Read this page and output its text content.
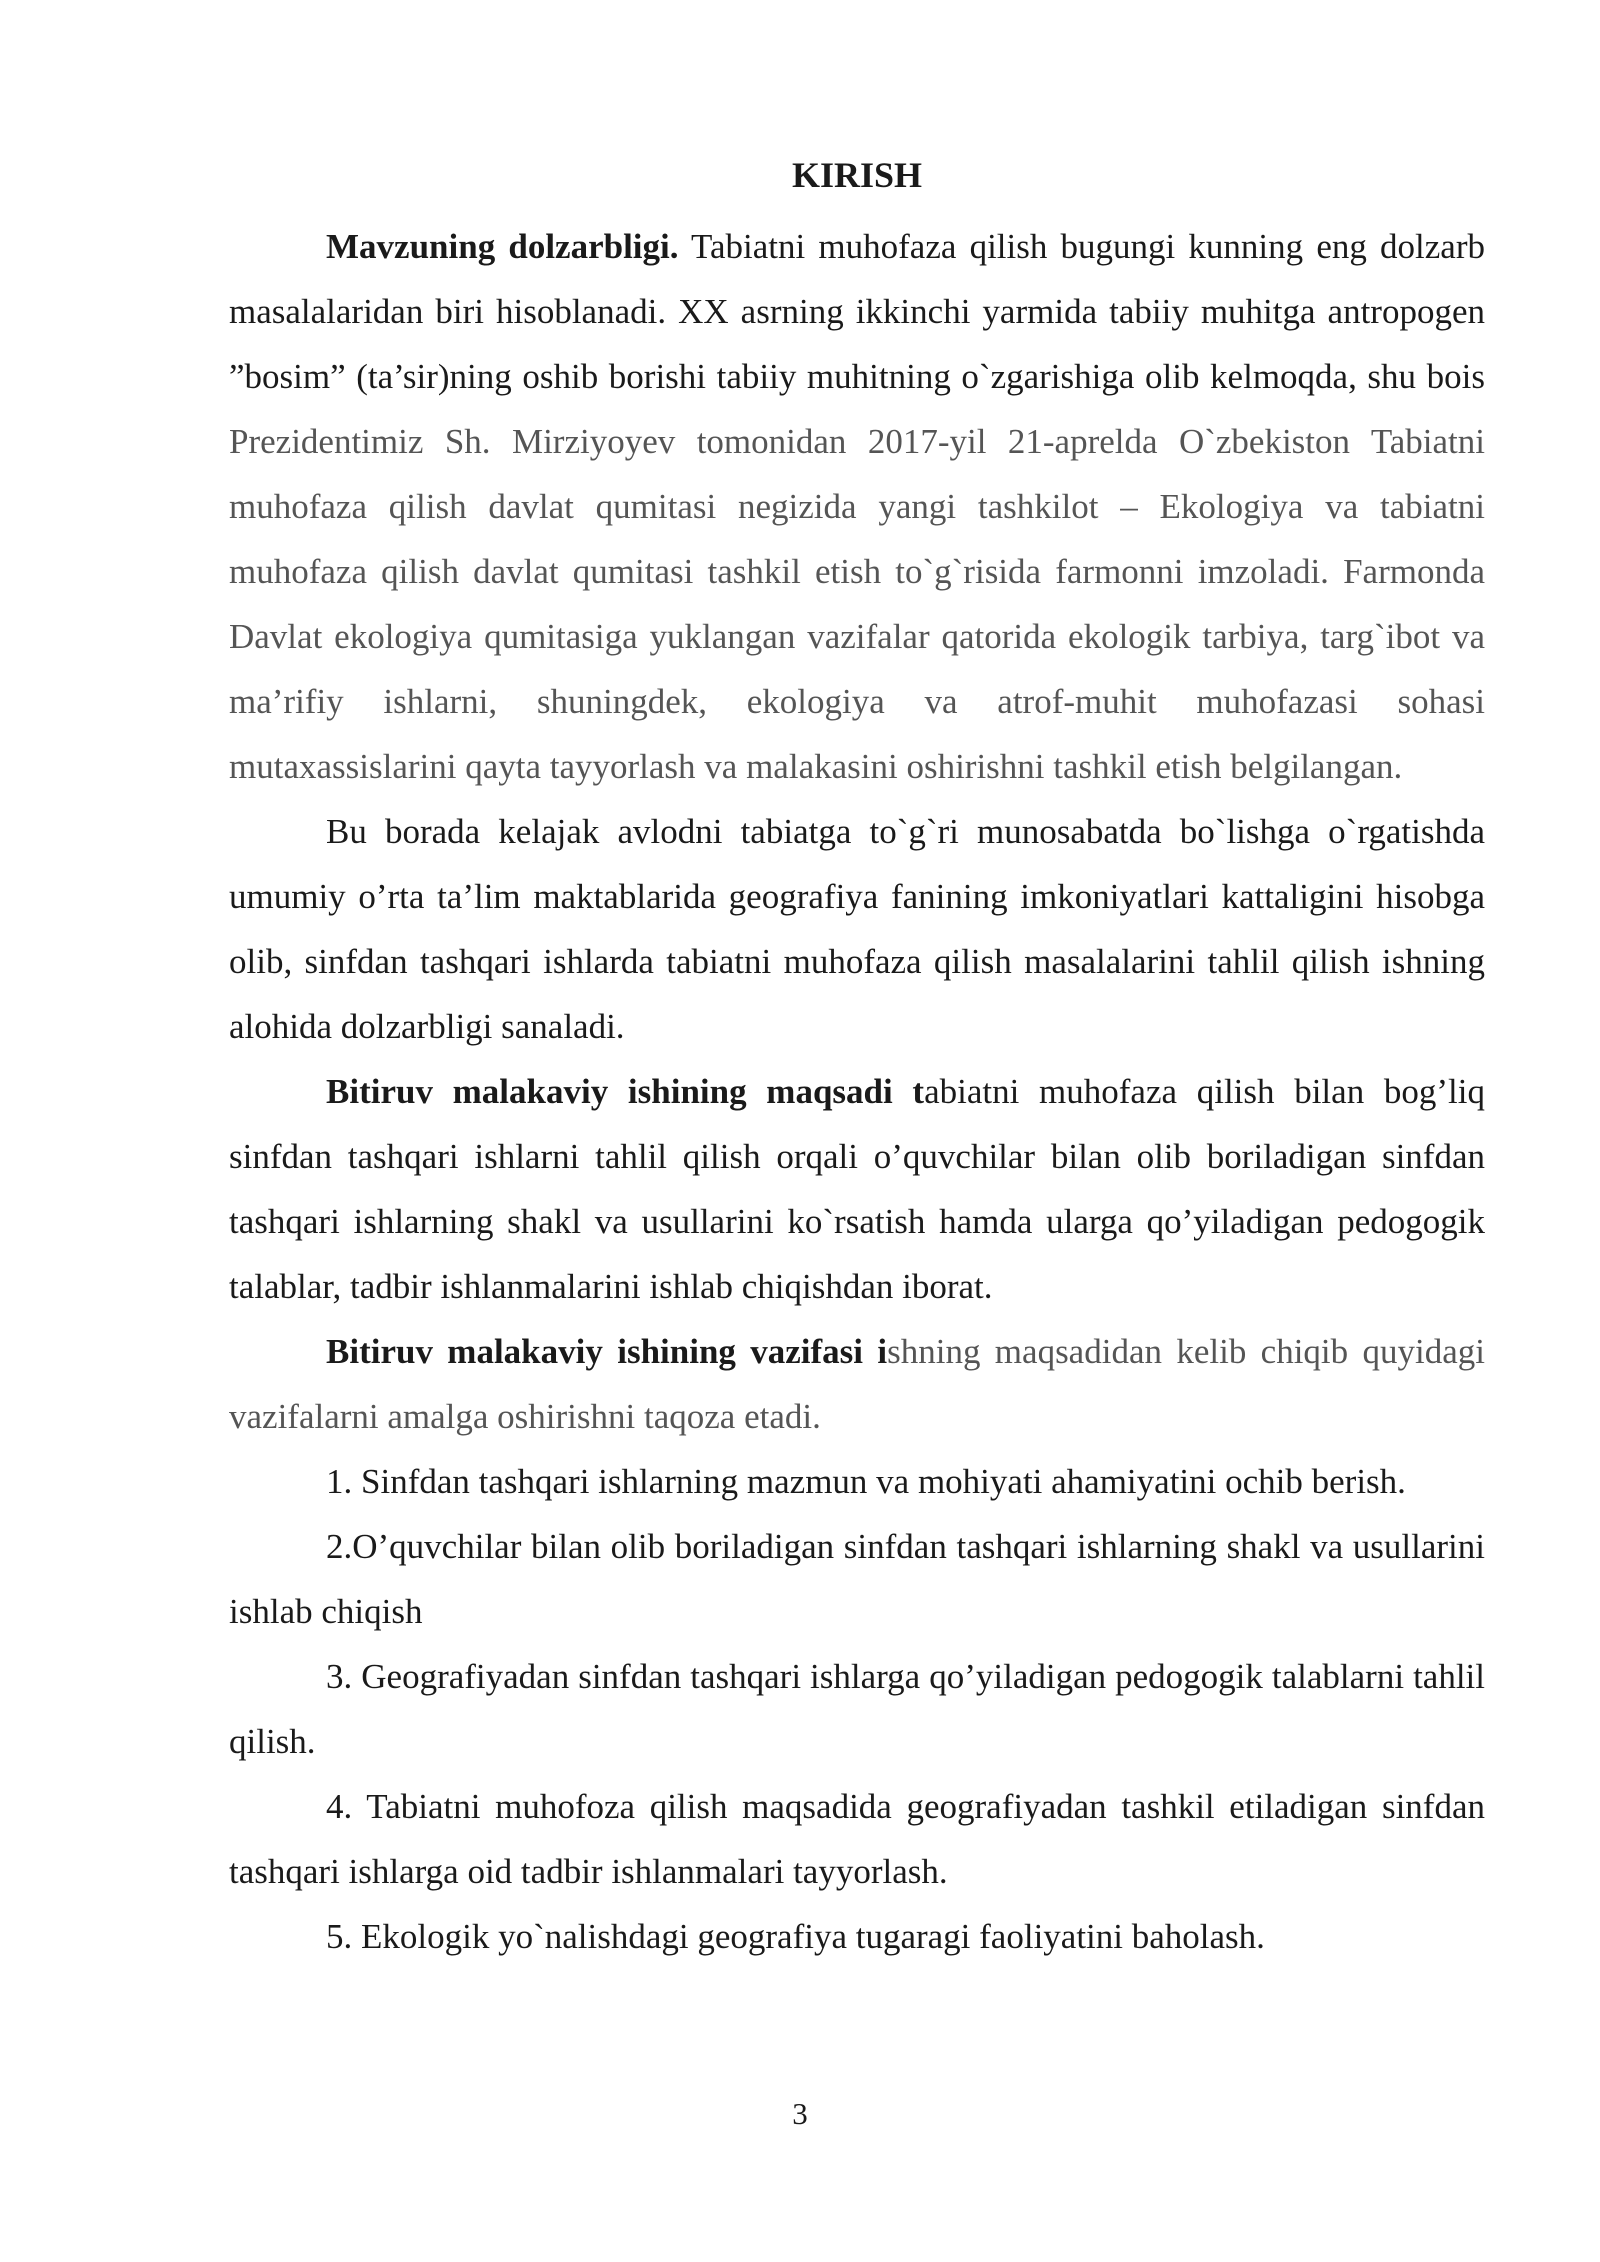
KIRISH

Mavzuning dolzarbligi. Tabiatni muhofaza qilish bugungi kunning eng dolzarb masalalaridan biri hisoblanadi. XX asrning ikkinchi yarmida tabiiy muhitga antropogen ”bosim” (ta’sir)ning oshib borishi tabiiy muhitning o`zgarishiga olib kelmoqda, shu bois Prezidentimiz Sh. Mirziyoyev tomonidan 2017-yil 21-aprelda O`zbekiston Tabiatni muhofaza qilish davlat qumitasi negizida yangi tashkilot – Ekologiya va tabiatni muhofaza qilish davlat qumitasi tashkil etish to`g`risida farmonni imzoladi. Farmonda Davlat ekologiya qumitasiga yuklangan vazifalar qatorida ekologik tarbiya, targ`ibot va ma’rifiy ishlarni, shuningdek, ekologiya va atrof-muhit muhofazasi sohasi mutaxassislarini qayta tayyorlash va malakasini oshirishni tashkil etish belgilangan.

Bu borada kelajak avlodni tabiatga to`g`ri munosabatda bo`lishga o`rgatishda umumiy o’rta ta’lim maktablarida geografiya fanining imkoniyatlari kattaligini hisobga olib, sinfdan tashqari ishlarda tabiatni muhofaza qilish masalalarini tahlil qilish ishning alohida dolzarbligi sanaladi.

Bitiruv malakaviy ishining maqsadi tabiatni muhofaza qilish bilan bog’liq sinfdan tashqari ishlarni tahlil qilish orqali o’quvchilar bilan olib boriladigan sinfdan tashqari ishlarning shakl va usullarini ko`rsatish hamda ularga qo’yiladigan pedogogik talablar, tadbir ishlanmalarini ishlab chiqishdan iborat.

Bitiruv malakaviy ishining vazifasi ishning maqsadidan kelib chiqib quyidagi vazifalarni amalga oshirishni taqoza etadi.

1. Sinfdan tashqari ishlarning mazmun va mohiyati ahamiyatini ochib berish.

2.O’quvchilar bilan olib boriladigan sinfdan tashqari ishlarning shakl va usullarini ishlab chiqish

3. Geografiyadan sinfdan tashqari ishlarga qo’yiladigan pedogogik talablarni tahlil qilish.

4. Tabiatni muhofoza qilish maqsadida geografiyadan tashkil etiladigan sinfdan tashqari ishlarga oid tadbir ishlanmalari tayyorlash.

5. Ekologik yo`nalishdagi geografiya tugaragi faoliyatini baholash.

3
